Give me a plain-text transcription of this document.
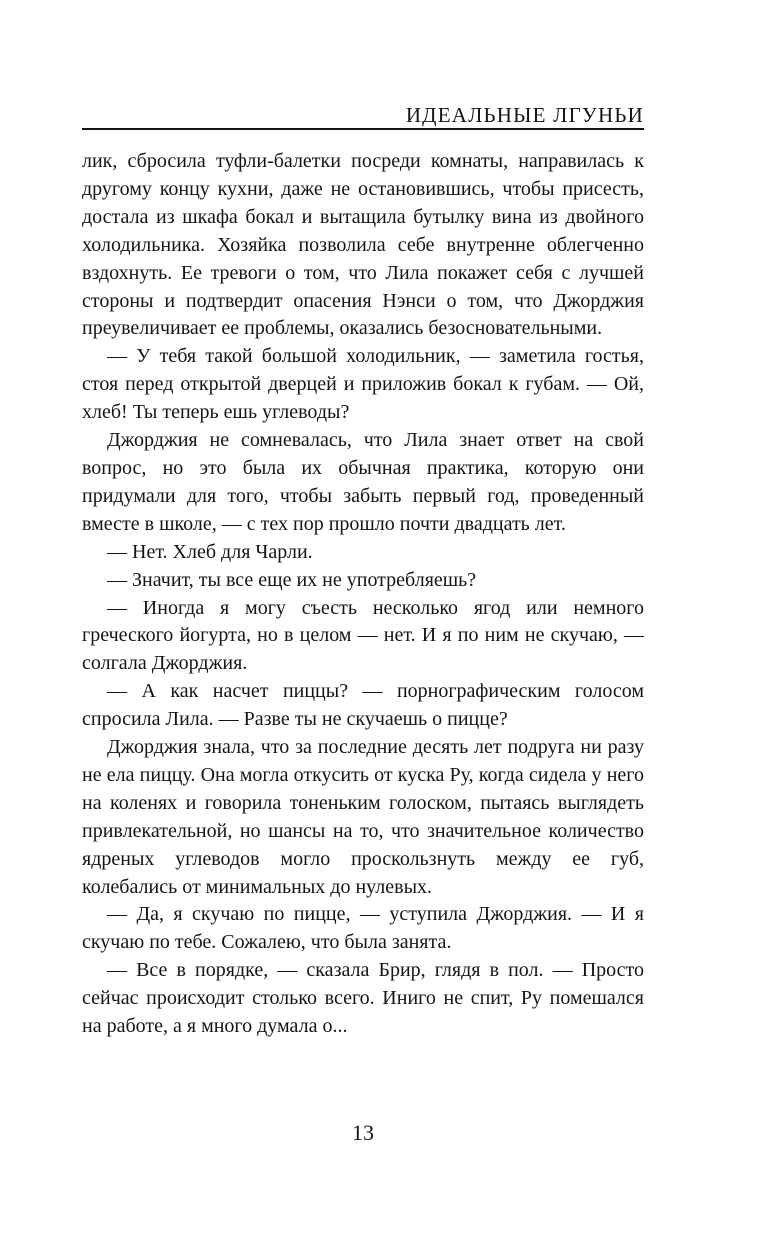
ИДЕАЛЬНЫЕ ЛГУНЬИ

лик, сбросила туфли-балетки посреди комнаты, направилась к другому концу кухни, даже не остановившись, чтобы присесть, достала из шкафа бокал и вытащила бутылку вина из двойного холодильника. Хозяйка позволила себе внутренне облегченно вздохнуть. Ее тревоги о том, что Лила покажет себя с лучшей стороны и подтвердит опасения Нэнси о том, что Джорджия преувеличивает ее проблемы, оказались безосновательными.

— У тебя такой большой холодильник, — заметила гостья, стоя перед открытой дверцей и приложив бокал к губам. — Ой, хлеб! Ты теперь ешь углеводы?

Джорджия не сомневалась, что Лила знает ответ на свой вопрос, но это была их обычная практика, которую они придумали для того, чтобы забыть первый год, проведенный вместе в школе, — с тех пор прошло почти двадцать лет.

— Нет. Хлеб для Чарли.

— Значит, ты все еще их не употребляешь?

— Иногда я могу съесть несколько ягод или немного греческого йогурта, но в целом — нет. И я по ним не скучаю, — солгала Джорджия.

— А как насчет пиццы? — порнографическим голосом спросила Лила. — Разве ты не скучаешь о пицце?

Джорджия знала, что за последние десять лет подруга ни разу не ела пиццу. Она могла откусить от куска Ру, когда сидела у него на коленях и говорила тоненьким голоском, пытаясь выглядеть привлекательной, но шансы на то, что значительное количество ядреных углеводов могло проскользнуть между ее губ, колебались от минимальных до нулевых.

— Да, я скучаю по пицце, — уступила Джорджия. — И я скучаю по тебе. Сожалею, что была занята.

— Все в порядке, — сказала Брир, глядя в пол. — Просто сейчас происходит столько всего. Иниго не спит, Ру помешался на работе, а я много думала о...

13
